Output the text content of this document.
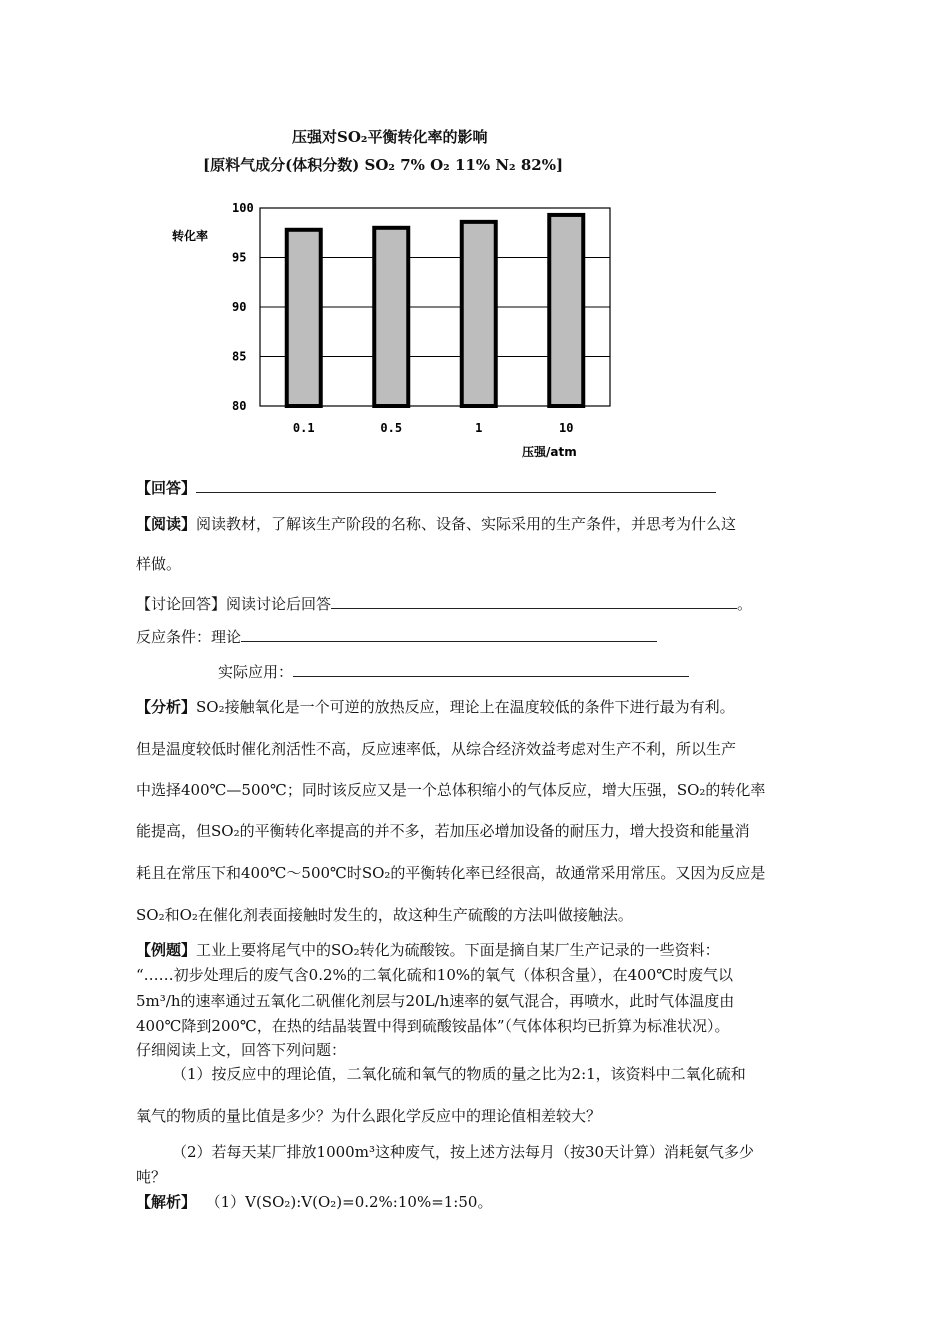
压强对SO₂平衡转化率的影响
[原料气成分(体积分数) SO₂ 7% O₂ 11% N₂ 82%]
转化率
压强/atm
100
95
90
85
80
0.1	0.5	1	10
【回答】
【阅读】阅读教材，了解该生产阶段的名称、设备、实际采用的生产条件，并思考为什么这
样做。
【讨论回答】阅读讨论后回答	。
反应条件：理论
实际应用：
【分析】SO₂接触氧化是一个可逆的放热反应，理论上在温度较低的条件下进行最为有利。
但是温度较低时催化剂活性不高，反应速率低，从综合经济效益考虑对生产不利，所以生产
中选择400℃—500℃；同时该反应又是一个总体积缩小的气体反应，增大压强，SO₂的转化率
能提高，但SO₂的平衡转化率提高的并不多，若加压必增加设备的耐压力，增大投资和能量消
耗且在常压下和400℃～500℃时SO₂的平衡转化率已经很高，故通常采用常压。又因为反应是
SO₂和O₂在催化剂表面接触时发生的，故这种生产硫酸的方法叫做接触法。
【例题】工业上要将尾气中的SO₂转化为硫酸铵。下面是摘自某厂生产记录的一些资料：
“……初步处理后的废气含0.2%的二氧化硫和10%的氧气（体积含量），在400℃时废气以
5m³/h的速率通过五氧化二矾催化剂层与20L/h速率的氨气混合，再喷水，此时气体温度由
400℃降到200℃，在热的结晶装置中得到硫酸铵晶体”（气体体积均已折算为标准状况）。
仔细阅读上文，回答下列问题：
（1）按反应中的理论值，二氧化硫和氧气的物质的量之比为2:1，该资料中二氧化硫和
氧气的物质的量比值是多少？为什么跟化学反应中的理论值相差较大？
（2）若每天某厂排放1000m³这种废气，按上述方法每月（按30天计算）消耗氨气多少
吨？
【解析】 （1）V(SO₂):V(O₂)=0.2%:10%=1:50。
